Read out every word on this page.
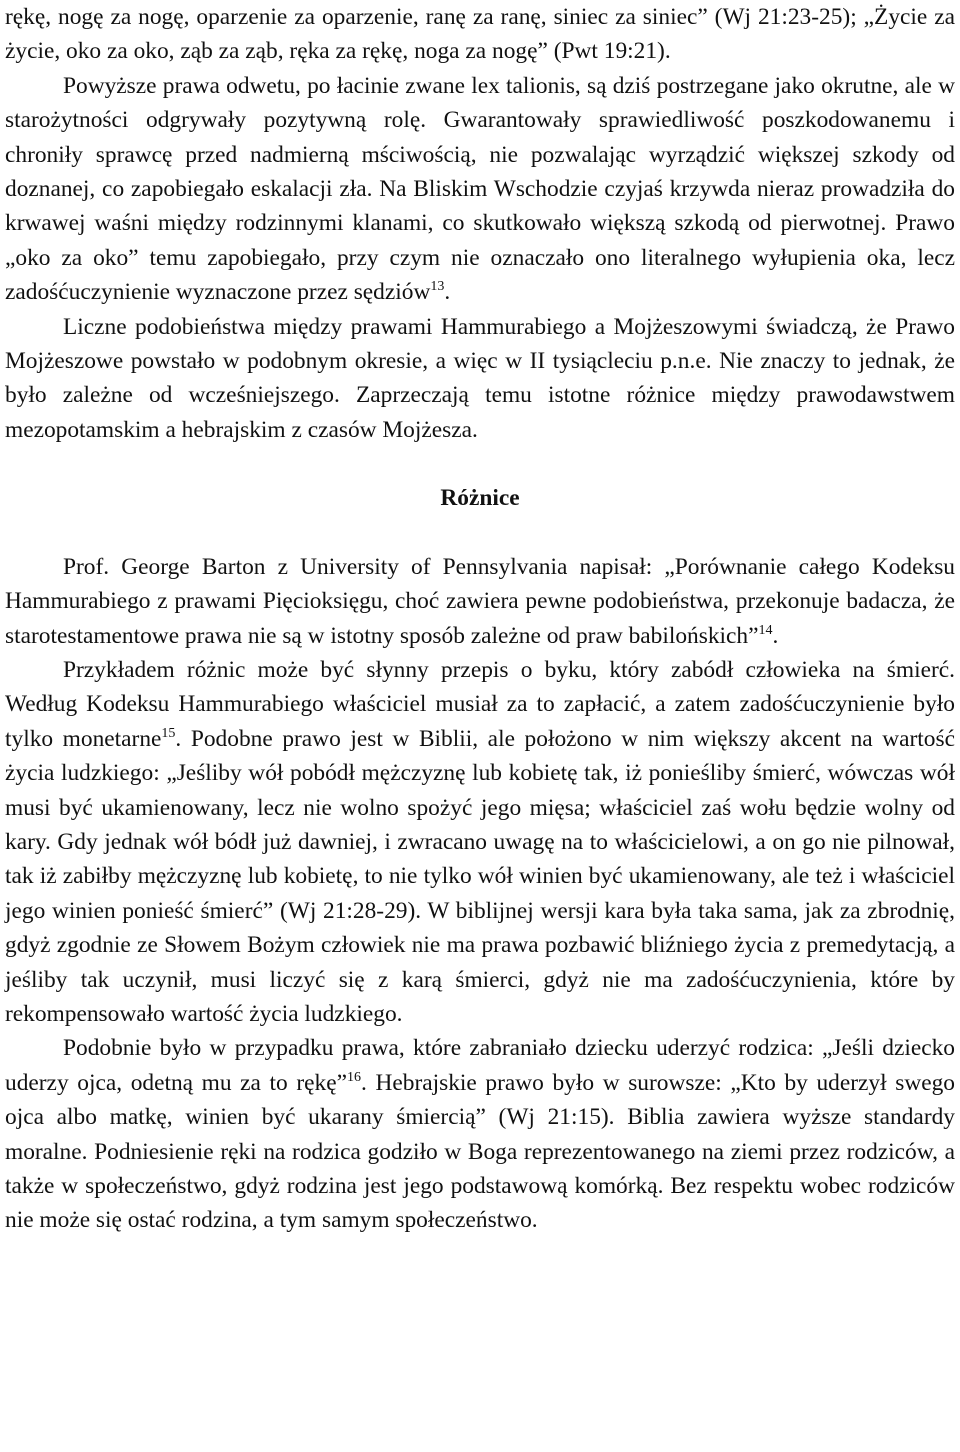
rękę, nogę za nogę, oparzenie za oparzenie, ranę za ranę, siniec za siniec” (Wj 21:23-25); „Życie za życie, oko za oko, ząb za ząb, ręka za rękę, noga za nogę” (Pwt 19:21).

Powyższe prawa odwetu, po łacinie zwane lex talionis, są dziś postrzegane jako okrutne, ale w starożytności odgrywały pozytywną rolę. Gwarantowały sprawiedliwość poszkodowanemu i chroniły sprawcę przed nadmierną mściwością, nie pozwalając wyrządzić większej szkody od doznanej, co zapobiegało eskalacji zła. Na Bliskim Wschodzie czyjaś krzywda nieraz prowadziła do krwawej waśni między rodzinnymi klanami, co skutkowało większą szkodą od pierwotnej. Prawo „oko za oko” temu zapobiegało, przy czym nie oznaczało ono literalnego wyłupienia oka, lecz zadośćuczynienie wyznaczone przez sędziów$^{13}$.

Liczne podobieństwa między prawami Hammurabiego a Mojżeszowymi świadczą, że Prawo Mojżeszowe powstało w podobnym okresie, a więc w II tysiącleciu p.n.e. Nie znaczy to jednak, że było zależne od wcześniejszego. Zaprzeczają temu istotne różnice między prawodawstwem mezopotamskim a hebrajskim z czasów Mojżesza.

Różnice

Prof. George Barton z University of Pennsylvania napisał: „Porównanie całego Kodeksu Hammurabiego z prawami Pięcioksięgu, choć zawiera pewne podobieństwa, przekonuje badacza, że starotestamentowe prawa nie są w istotny sposób zależne od praw babilońskich”$^{14}$.

Przykładem różnic może być słynny przepis o byku, który zabódł człowieka na śmierć. Według Kodeksu Hammurabiego właściciel musiał za to zapłacić, a zatem zadośćuczynienie było tylko monetarne$^{15}$. Podobne prawo jest w Biblii, ale położono w nim większy akcent na wartość życia ludzkiego: „Jeśliby wół pobódł mężczyznę lub kobietę tak, iż ponieśliby śmierć, wówczas wół musi być ukamienowany, lecz nie wolno spożyć jego mięsa; właściciel zaś wołu będzie wolny od kary. Gdy jednak wół bódł już dawniej, i zwracano uwagę na to właścicielowi, a on go nie pilnował, tak iż zabiłby mężczyznę lub kobietę, to nie tylko wół winien być ukamienowany, ale też i właściciel jego winien ponieść śmierć” (Wj 21:28-29). W biblijnej wersji kara była taka sama, jak za zbrodnię, gdyż zgodnie ze Słowem Bożym człowiek nie ma prawa pozbawić bliźniego życia z premedytacją, a jeśliby tak uczynił, musi liczyć się z karą śmierci, gdyż nie ma zadośćuczynienia, które by rekompensowało wartość życia ludzkiego.

Podobnie było w przypadku prawa, które zabraniało dziecku uderzyć rodzica: „Jeśli dziecko uderzy ojca, odetną mu za to rękę”$^{16}$. Hebrajskie prawo było w surowsze: „Kto by uderzył swego ojca albo matkę, winien być ukarany śmiercią” (Wj 21:15). Biblia zawiera wyższe standardy moralne. Podniesienie ręki na rodzica godziło w Boga reprezentowanego na ziemi przez rodziców, a także w społeczeństwo, gdyż rodzina jest jego podstawową komórką. Bez respektu wobec rodziców nie może się ostać rodzina, a tym samym społeczeństwo.
